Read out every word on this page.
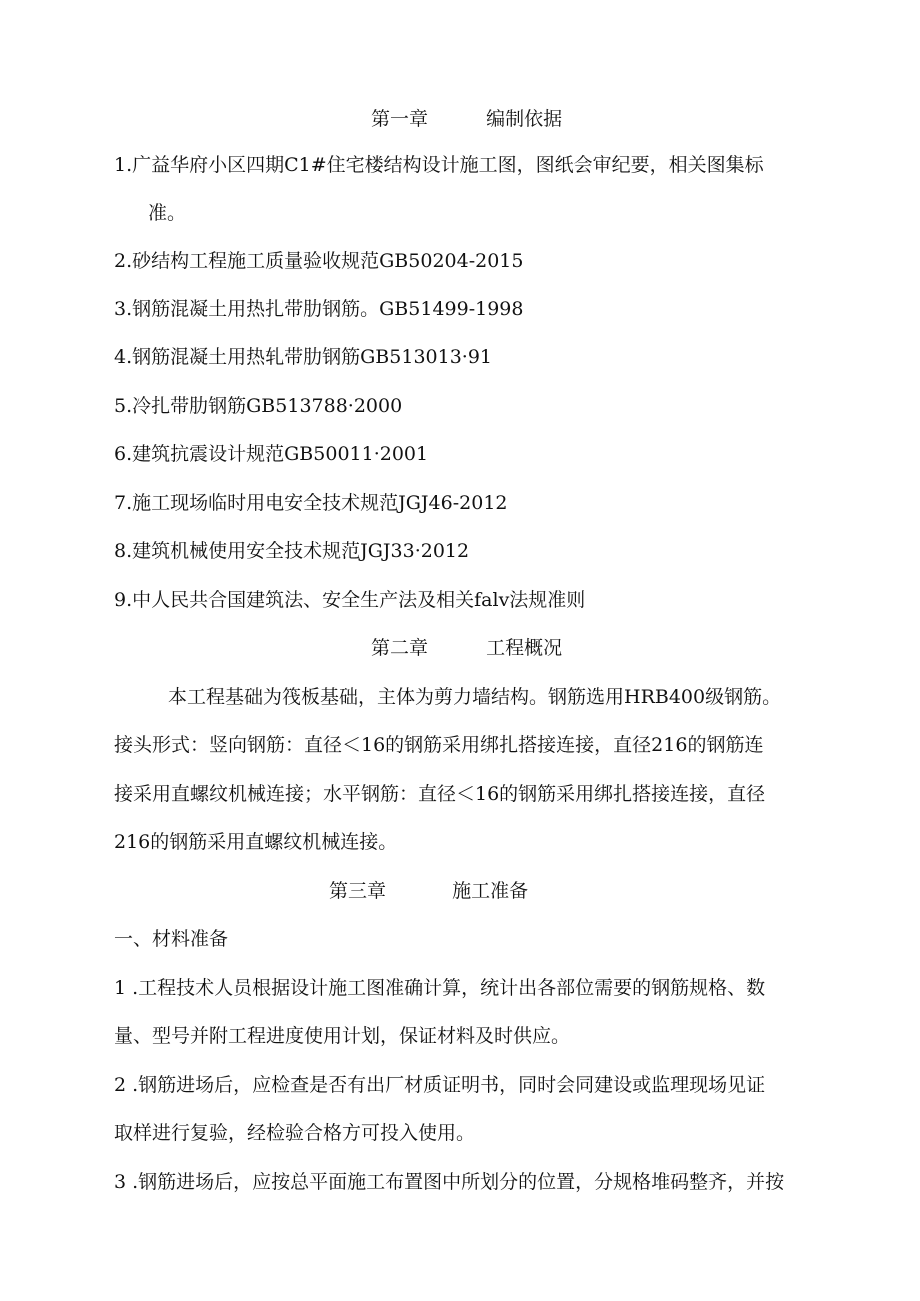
第一章	编制依据
1.广益华府小区四期C1#住宅楼结构设计施工图，图纸会审纪要，相关图集标
准。
2.砂结构工程施工质量验收规范GB50204-2015
3.钢筋混凝土用热扎带肋钢筋。GB51499-1998
4.钢筋混凝土用热轧带肋钢筋GB513013·91
5.冷扎带肋钢筋GB513788·2000
6.建筑抗震设计规范GB50011·2001
7.施工现场临时用电安全技术规范JGJ46-2012
8.建筑机械使用安全技术规范JGJ33·2012
9.中人民共合国建筑法、安全生产法及相关falv法规准则
第二章	工程概况
本工程基础为筏板基础，主体为剪力墙结构。钢筋选用HRB400级钢筋。
接头形式：竖向钢筋：直径＜16的钢筋采用绑扎搭接连接，直径216的钢筋连
接采用直螺纹机械连接；水平钢筋：直径＜16的钢筋采用绑扎搭接连接，直径
216的钢筋采用直螺纹机械连接。
第三章	施工准备
一、材料准备
1 .工程技术人员根据设计施工图准确计算，统计出各部位需要的钢筋规格、数
量、型号并附工程进度使用计划，保证材料及时供应。
2 .钢筋进场后，应检查是否有出厂材质证明书，同时会同建设或监理现场见证
取样进行复验，经检验合格方可投入使用。
3 .钢筋进场后，应按总平面施工布置图中所划分的位置，分规格堆码整齐，并按
